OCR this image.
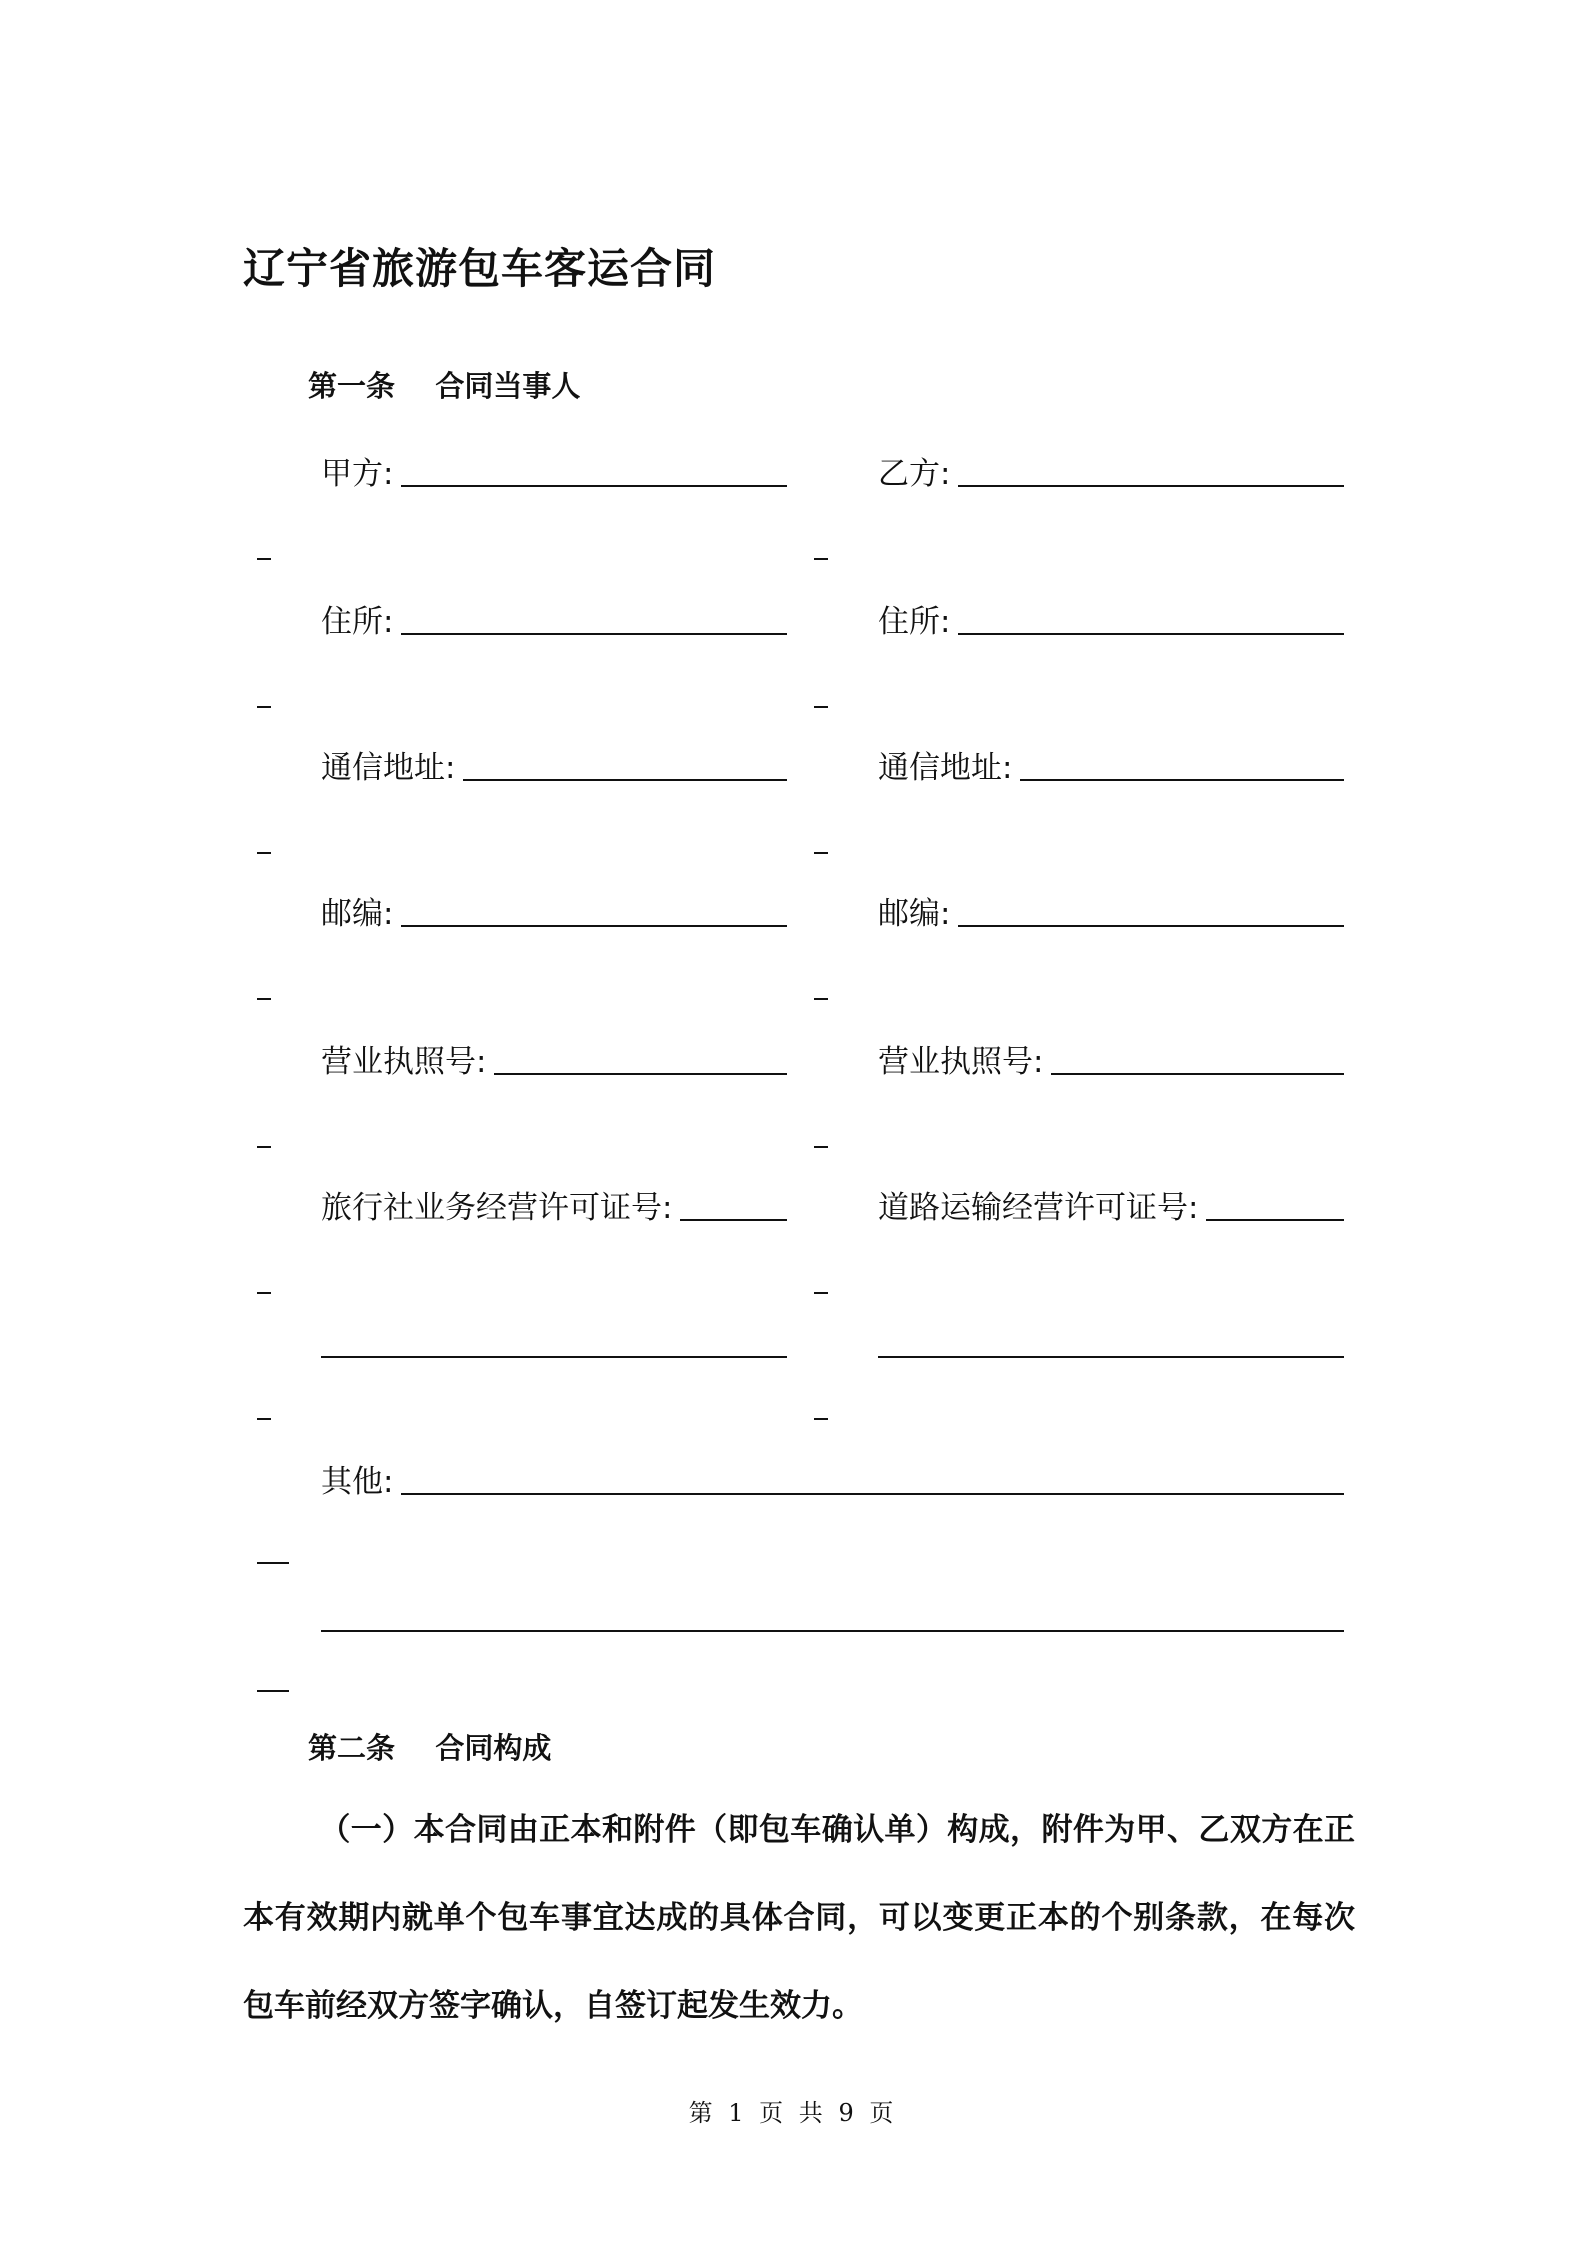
辽宁省旅游包车客运合同
第一条    合同当事人
甲方:
住所:
通信地址:
邮编:
营业执照号:
旅行社业务经营许可证号:
乙方:
住所:
通信地址:
邮编:
营业执照号:
道路运输经营许可证号:
其他:
第二条    合同构成
（一）本合同由正本和附件（即包车确认单）构成，附件为甲、乙双方在正本有效期内就单个包车事宜达成的具体合同，可以变更正本的个别条款，在每次包车前经双方签字确认，自签订起发生效力。
第 1 页 共 9 页
